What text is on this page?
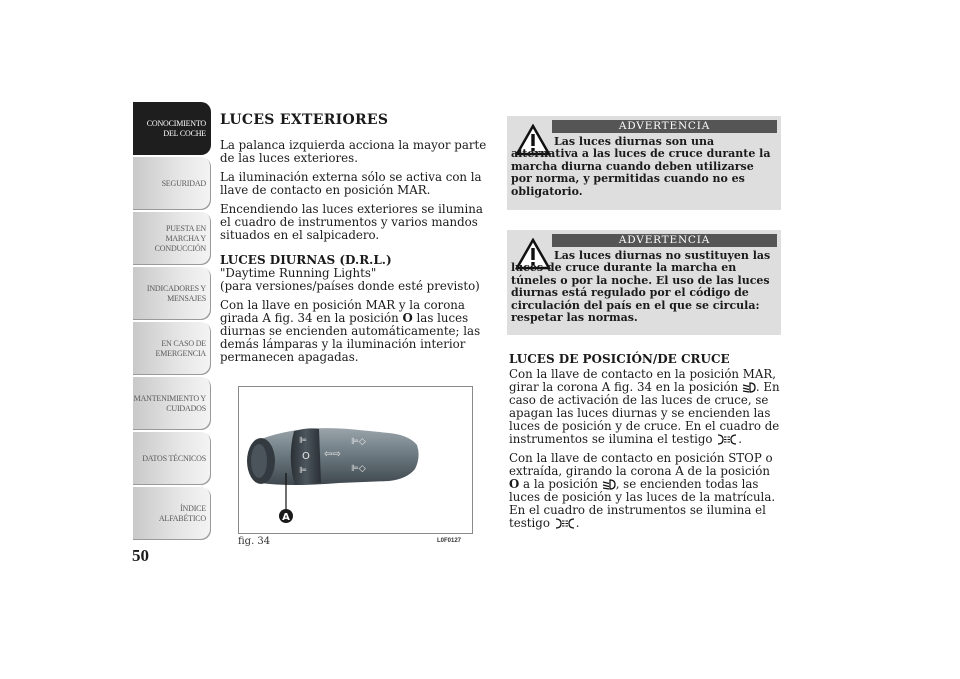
CONOCIMIENTO
DEL COCHE
SEGURIDAD
PUESTA EN
MARCHA Y
CONDUCCIÓN
INDICADORES Y
MENSAJES
EN CASO DE
EMERGENCIA
MANTENIMIENTO Y
CUIDADOS
DATOS TÉCNICOS
ÍNDICE
ALFABÉTICO
50
LUCES EXTERIORES

La palanca izquierda acciona la mayor parte de las luces exteriores.

La iluminación externa sólo se activa con la llave de contacto en posición MAR.

Encendiendo las luces exteriores se ilumina el cuadro de instrumentos y varios mandos situados en el salpicadero.

LUCES DIURNAS (D.R.L.)
"Daytime Running Lights"
(para versiones/países donde esté previsto)

Con la llave en posición MAR y la corona girada A fig. 34 en la posición O las luces diurnas se encienden automáticamente; las demás lámparas y la iluminación interior permanecen apagadas.

⊫
O
⊫
⇦⇨
⊫◇
⊫◇
A
fig. 34	L0F0127
ADVERTENCIA
Las luces diurnas son una alternativa a las luces de cruce durante la marcha diurna cuando deben utilizarse por norma, y permitidas cuando no es obligatorio.
ADVERTENCIA
Las luces diurnas no sustituyen las luces de cruce durante la marcha en túneles o por la noche. El uso de las luces diurnas está regulado por el código de circulación del país en el que se circula: respetar las normas.
LUCES DE POSICIÓN/DE CRUCE

Con la llave de contacto en la posición MAR, girar la corona A fig. 34 en la posición . En caso de activación de las luces de cruce, se apagan las luces diurnas y se encienden las luces de posición y de cruce. En el cuadro de instrumentos se ilumina el testigo .

Con la llave de contacto en posición STOP o extraída, girando la corona A de la posición O a la posición , se encienden todas las luces de posición y las luces de la matrícula. En el cuadro de instrumentos se ilumina el testigo .
